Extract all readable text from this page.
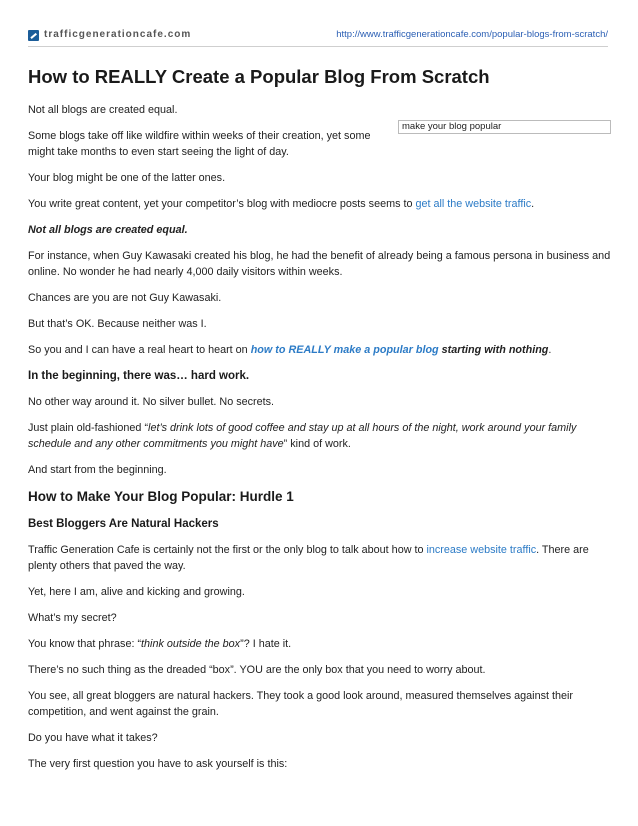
trafficgenerationcafe.com	http://www.trafficgenerationcafe.com/popular-blogs-from-scratch/
make your blog popular
How to REALLY Create a Popular Blog From Scratch

Not all blogs are created equal.

Some blogs take off like wildfire within weeks of their creation, yet some might take months to even start seeing the light of day.

Your blog might be one of the latter ones.

You write great content, yet your competitor’s blog with mediocre posts seems to get all the website traffic.

Not all blogs are created equal.

For instance, when Guy Kawasaki created his blog, he had the benefit of already being a famous persona in business and online. No wonder he had nearly 4,000 daily visitors within weeks.

Chances are you are not Guy Kawasaki.

But that’s OK. Because neither was I.

So you and I can have a real heart to heart on how to REALLY make a popular blog starting with nothing.

In the beginning, there was… hard work.

No other way around it. No silver bullet. No secrets.

Just plain old-fashioned “let’s drink lots of good coffee and stay up at all hours of the night, work around your family schedule and any other commitments you might have” kind of work.

And start from the beginning.

How to Make Your Blog Popular: Hurdle 1
Best Bloggers Are Natural Hackers

Traffic Generation Cafe is certainly not the first or the only blog to talk about how to increase website traffic. There are plenty others that paved the way.

Yet, here I am, alive and kicking and growing.

What’s my secret?

You know that phrase: “think outside the box”? I hate it.

There’s no such thing as the dreaded “box”. YOU are the only box that you need to worry about.

You see, all great bloggers are natural hackers. They took a good look around, measured themselves against their competition, and went against the grain.

Do you have what it takes?

The very first question you have to ask yourself is this:
